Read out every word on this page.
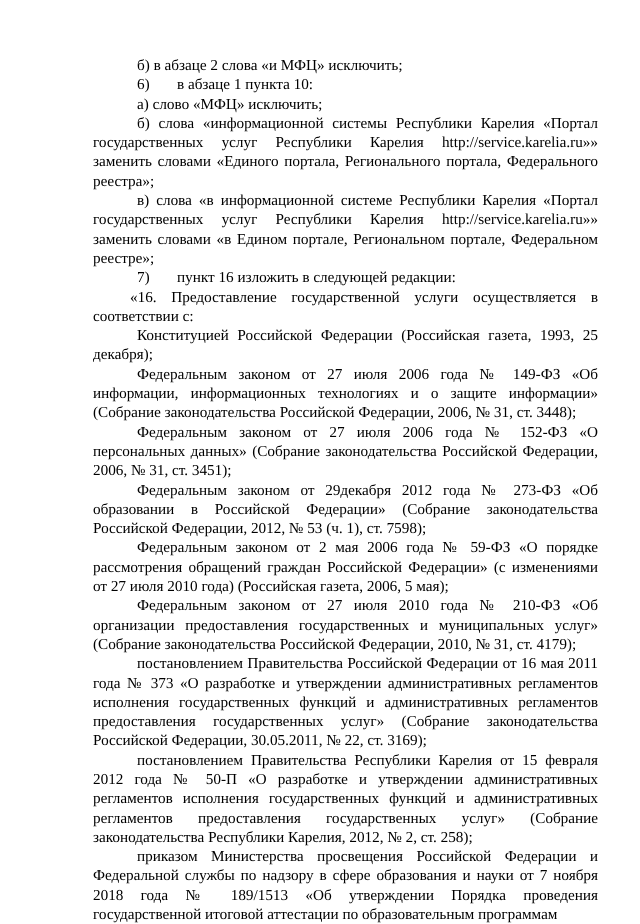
б) в абзаце 2 слова «и МФЦ» исключить;

6)	в абзаце 1 пункта 10:

а) слово «МФЦ» исключить;

б) слова «информационной системы Республики Карелия «Портал государственных услуг Республики Карелия http://service.karelia.ru»» заменить словами «Единого портала, Регионального портала, Федерального реестра»;

в) слова «в информационной системе Республики Карелия «Портал государственных услуг Республики Карелия http://service.karelia.ru»» заменить словами «в Едином портале, Региональном портале, Федеральном реестре»;

7)	пункт 16 изложить в следующей редакции:

«16. Предоставление государственной услуги осуществляется в соответствии с:

Конституцией Российской Федерации (Российская газета, 1993, 25 декабря);

Федеральным законом от 27 июля 2006 года № 149-ФЗ «Об информации, информационных технологиях и о защите информации» (Собрание законодательства Российской Федерации, 2006, № 31, ст. 3448);

Федеральным законом от 27 июля 2006 года № 152-ФЗ «О персональных данных» (Собрание законодательства Российской Федерации, 2006, № 31, ст. 3451);

Федеральным законом от 29декабря 2012 года № 273-ФЗ «Об образовании в Российской Федерации» (Собрание законодательства Российской Федерации, 2012, № 53 (ч. 1), ст. 7598);

Федеральным законом от 2 мая 2006 года № 59-ФЗ «О порядке рассмотрения обращений граждан Российской Федерации» (с изменениями от 27 июля 2010 года) (Российская газета, 2006, 5 мая);

Федеральным законом от 27 июля 2010 года № 210-ФЗ «Об организации предоставления государственных и муниципальных услуг» (Собрание законодательства Российской Федерации, 2010, № 31, ст. 4179);

постановлением Правительства Российской Федерации от 16 мая 2011 года № 373 «О разработке и утверждении административных регламентов исполнения государственных функций и административных регламентов предоставления государственных услуг» (Собрание законодательства Российской Федерации, 30.05.2011, № 22, ст. 3169);

постановлением Правительства Республики Карелия от 15 февраля 2012 года № 50-П «О разработке и утверждении административных регламентов исполнения государственных функций и административных регламентов предоставления государственных услуг» (Собрание законодательства Республики Карелия, 2012, № 2, ст. 258);

приказом Министерства просвещения Российской Федерации и Федеральной службы по надзору в сфере образования и науки от 7 ноября 2018 года № 189/1513 «Об утверждении Порядка проведения государственной итоговой аттестации по образовательным программам
